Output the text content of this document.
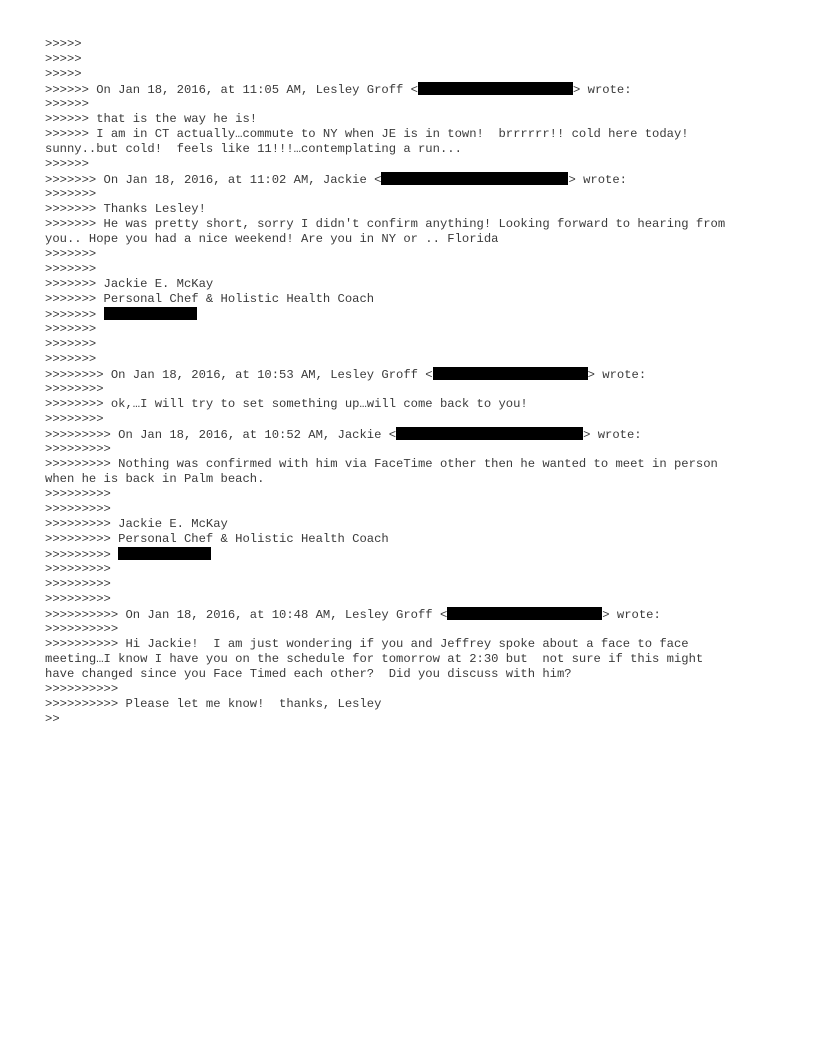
>>>>>
>>>>>
>>>>>
>>>>>> On Jan 18, 2016, at 11:05 AM, Lesley Groff <	> wrote:
>>>>>>
>>>>>> that is the way he is!
>>>>>> I am in CT actually…commute to NY when JE is in town!  brrrrrr!! cold here today!
sunny..but cold!  feels like 11!!!…contemplating a run...
>>>>>>
>>>>>>> On Jan 18, 2016, at 11:02 AM, Jackie <	> wrote:
>>>>>>>
>>>>>>> Thanks Lesley!
>>>>>>> He was pretty short, sorry I didn't confirm anything! Looking forward to hearing from
you.. Hope you had a nice weekend! Are you in NY or .. Florida
>>>>>>>
>>>>>>>
>>>>>>> Jackie E. McKay
>>>>>>> Personal Chef & Holistic Health Coach
>>>>>>>
>>>>>>>
>>>>>>>
>>>>>>>
>>>>>>>> On Jan 18, 2016, at 10:53 AM, Lesley Groff <	> wrote:
>>>>>>>>
>>>>>>>> ok,…I will try to set something up…will come back to you!
>>>>>>>>
>>>>>>>>> On Jan 18, 2016, at 10:52 AM, Jackie <	> wrote:
>>>>>>>>>
>>>>>>>>> Nothing was confirmed with him via FaceTime other then he wanted to meet in person
when he is back in Palm beach.
>>>>>>>>>
>>>>>>>>>
>>>>>>>>> Jackie E. McKay
>>>>>>>>> Personal Chef & Holistic Health Coach
>>>>>>>>>
>>>>>>>>>
>>>>>>>>>
>>>>>>>>>
>>>>>>>>>> On Jan 18, 2016, at 10:48 AM, Lesley Groff <	> wrote:
>>>>>>>>>>
>>>>>>>>>> Hi Jackie!  I am just wondering if you and Jeffrey spoke about a face to face
meeting…I know I have you on the schedule for tomorrow at 2:30 but  not sure if this might
have changed since you Face Timed each other?  Did you discuss with him?
>>>>>>>>>>
>>>>>>>>>> Please let me know!  thanks, Lesley
>>
